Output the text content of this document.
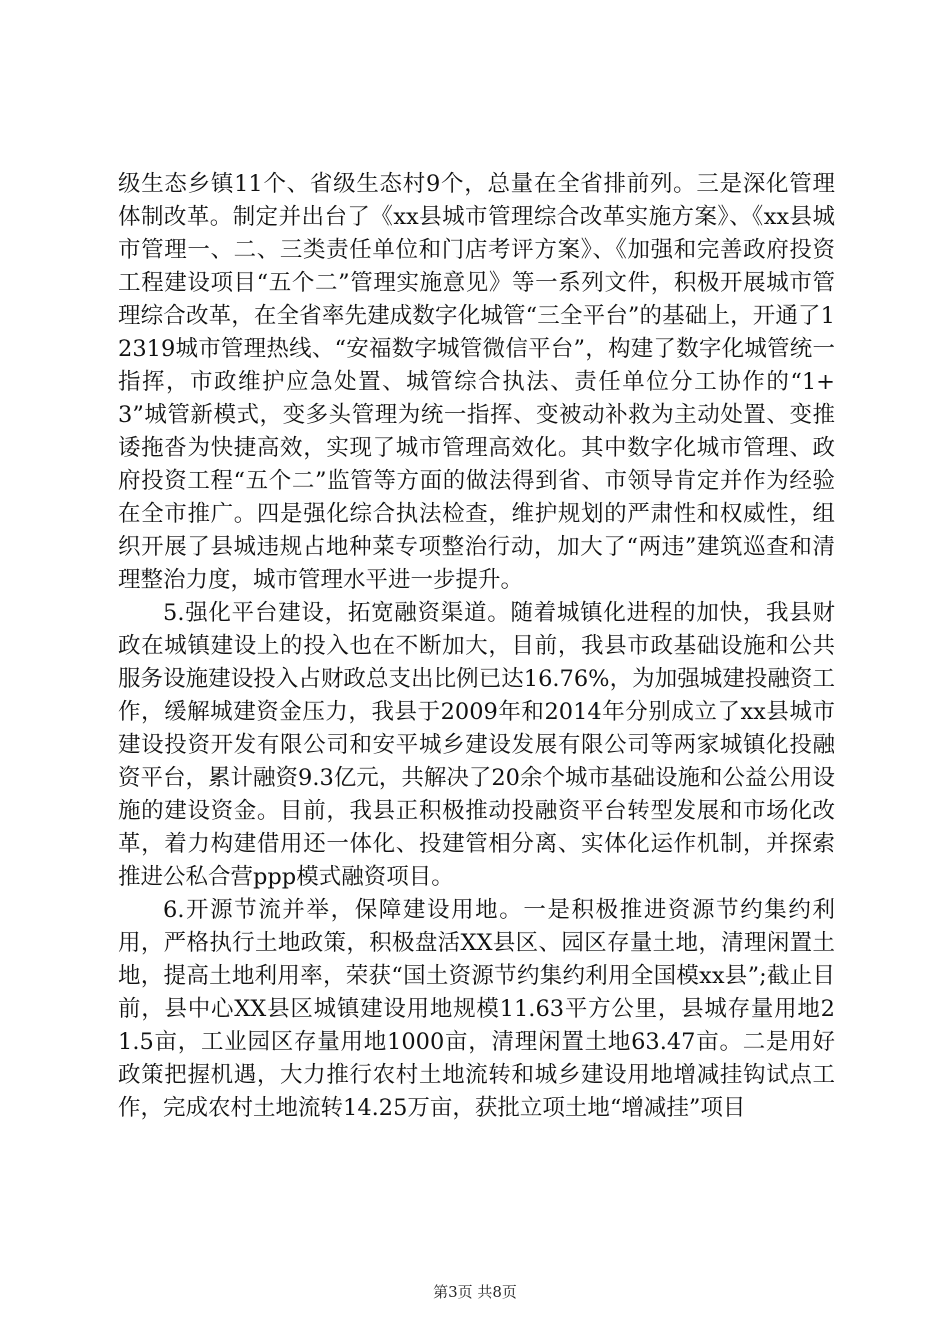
级生态乡镇11个、省级生态村9个，总量在全省排前列。三是深化管理体制改革。制定并出台了《xx县城市管理综合改革实施方案》、《xx县城市管理一、二、三类责任单位和门店考评方案》、《加强和完善政府投资工程建设项目“五个二”管理实施意见》等一系列文件，积极开展城市管理综合改革，在全省率先建成数字化城管“三全平台”的基础上，开通了12319城市管理热线、“安福数字城管微信平台”，构建了数字化城管统一指挥，市政维护应急处置、城管综合执法、责任单位分工协作的“1+3”城管新模式，变多头管理为统一指挥、变被动补救为主动处置、变推诿拖沓为快捷高效，实现了城市管理高效化。其中数字化城市管理、政府投资工程“五个二”监管等方面的做法得到省、市领导肯定并作为经验在全市推广。四是强化综合执法检查，维护规划的严肃性和权威性，组织开展了县城违规占地种菜专项整治行动，加大了“两违”建筑巡查和清理整治力度，城市管理水平进一步提升。

5.强化平台建设，拓宽融资渠道。随着城镇化进程的加快，我县财政在城镇建设上的投入也在不断加大，目前，我县市政基础设施和公共服务设施建设投入占财政总支出比例已达16.76%，为加强城建投融资工作，缓解城建资金压力，我县于2009年和2014年分别成立了xx县城市建设投资开发有限公司和安平城乡建设发展有限公司等两家城镇化投融资平台，累计融资9.3亿元，共解决了20余个城市基础设施和公益公用设施的建设资金。目前，我县正积极推动投融资平台转型发展和市场化改革，着力构建借用还一体化、投建管相分离、实体化运作机制，并探索推进公私合营ppp模式融资项目。

6.开源节流并举，保障建设用地。一是积极推进资源节约集约利用，严格执行土地政策，积极盘活XX县区、园区存量土地，清理闲置土地，提高土地利用率，荣获“国土资源节约集约利用全国模xx县”;截止目前，县中心XX县区城镇建设用地规模11.63平方公里，县城存量用地21.5亩，工业园区存量用地1000亩，清理闲置土地63.47亩。二是用好政策把握机遇，大力推行农村土地流转和城乡建设用地增减挂钩试点工作，完成农村土地流转14.25万亩，获批立项土地“增减挂”项目

第3页 共8页
